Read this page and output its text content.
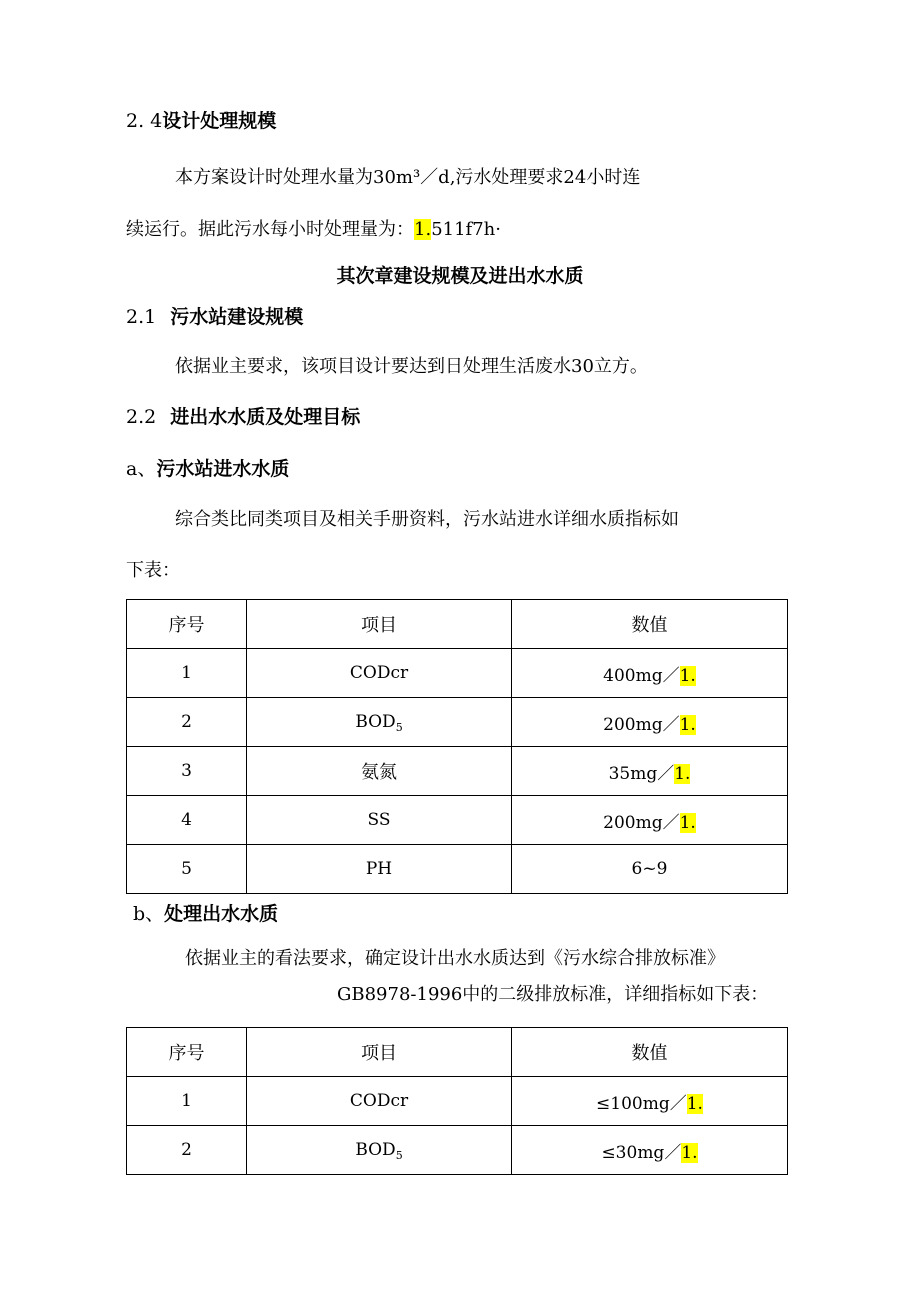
2. 4设计处理规模
本方案设计时处理水量为30m³／d,污水处理要求24小时连
续运行。据此污水每小时处理量为：1.511f7h·
其次章建设规模及进出水水质
2.1 污水站建设规模
依据业主要求，该项目设计要达到日处理生活废水30立方。
2.2 进出水水质及处理目标
a、污水站进水水质
综合类比同类项目及相关手册资料，污水站进水详细水质指标如
下表：
序号	项目	数值
1	CODcr	400mg／1.
2	$BOD_5$	200mg／1.
3	氨氮	35mg／1.
4	SS	200mg／1.
5	PH	6~9
b、处理出水水质
依据业主的看法要求，确定设计出水水质达到《污水综合排放标准》
GB8978-1996中的二级排放标准，详细指标如下表：
序号	项目	数值
1	CODcr	≤100mg／1.
2	$BOD_5$	≤30mg／1.
